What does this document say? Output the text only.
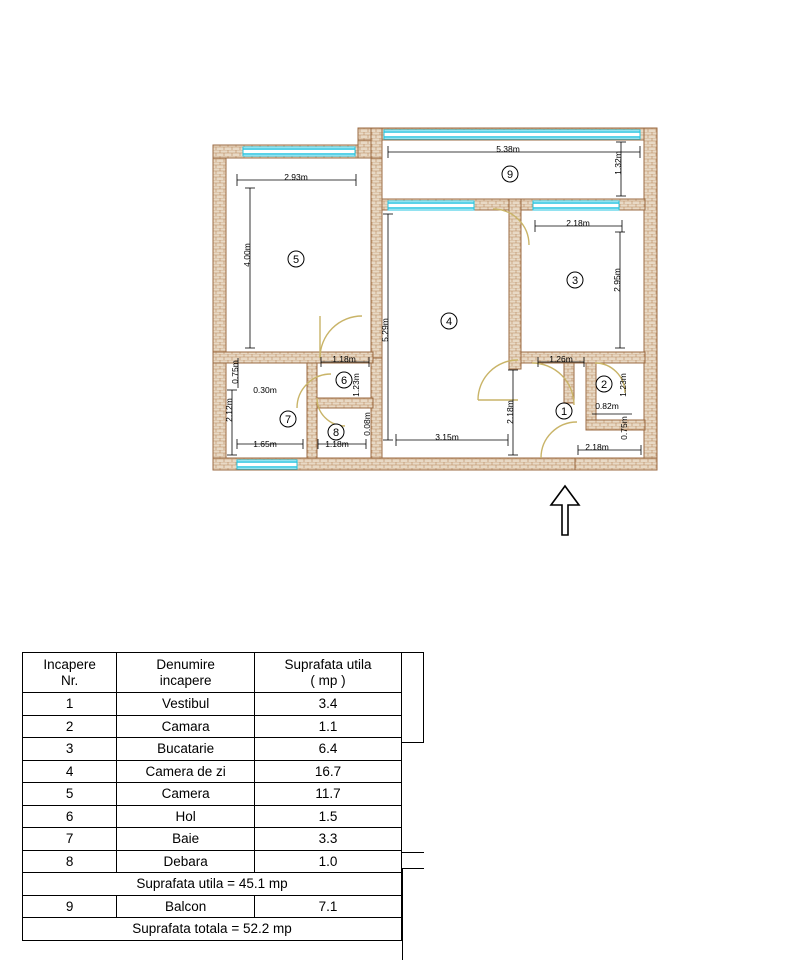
1
2
3
4
5
6
7
8
9
5.38m
1.32m
2.93m
4.00m
2.18m
2.95m
5.29m
1.18m	1.26m
1.23m	1.23m
0.75m
0.30m
2.12m	2.18m	0.82m
0.75m
0.08m
1.65m	1.18m
3.15m
2.18m
Incapere
Nr.

Denumire
incapere

Suprafata utila
( mp )

1	Vestibul	3.4
2	Camara	1.1
3	Bucatarie	6.4
4	Camera de zi	16.7
5	Camera	11.7
6	Hol	1.5
7	Baie	3.3
8	Debara	1.0
Suprafata utila = 45.1 mp		
9	Balcon	7.1
Suprafata totala = 52.2 mp		
